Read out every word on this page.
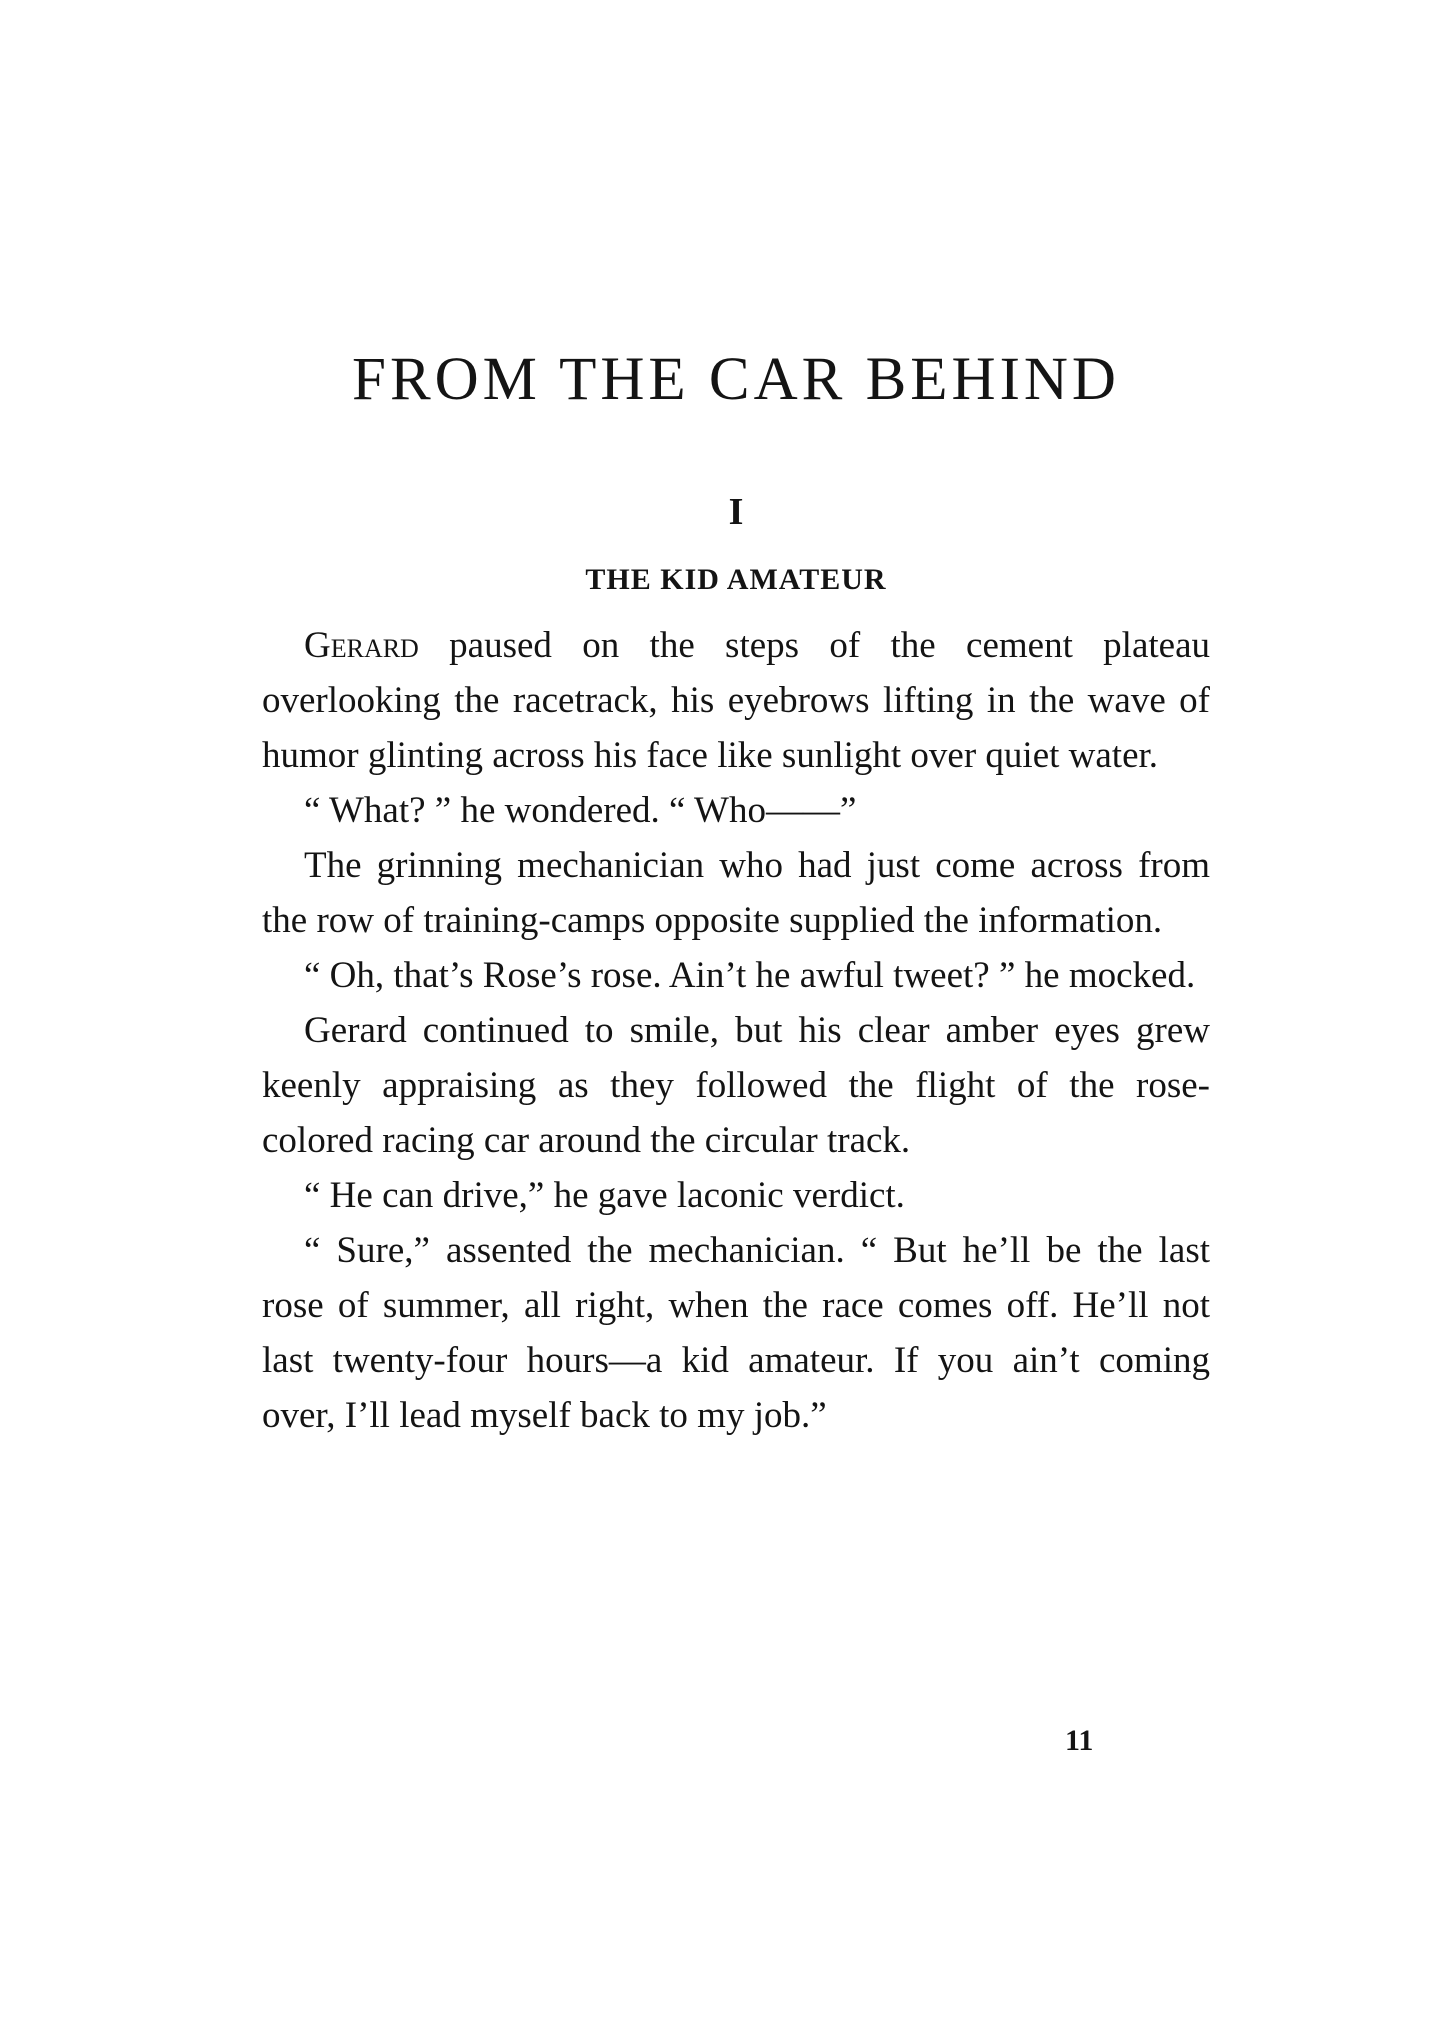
FROM THE CAR BEHIND
I
THE KID AMATEUR

Gerard paused on the steps of the cement plateau overlooking the racetrack, his eyebrows lifting in the wave of humor glinting across his face like sunlight over quiet water.

“ What? ” he wondered. “ Who——”

The grinning mechanician who had just come across from the row of training-camps opposite supplied the information.

“ Oh, that’s Rose’s rose. Ain’t he awful tweet? ” he mocked.

Gerard continued to smile, but his clear amber eyes grew keenly appraising as they followed the flight of the rose-colored racing car around the circular track.

“ He can drive,” he gave laconic verdict.

“ Sure,” assented the mechanician. “ But he’ll be the last rose of summer, all right, when the race comes off. He’ll not last twenty-four hours—a kid amateur. If you ain’t coming over, I’ll lead myself back to my job.”

11
